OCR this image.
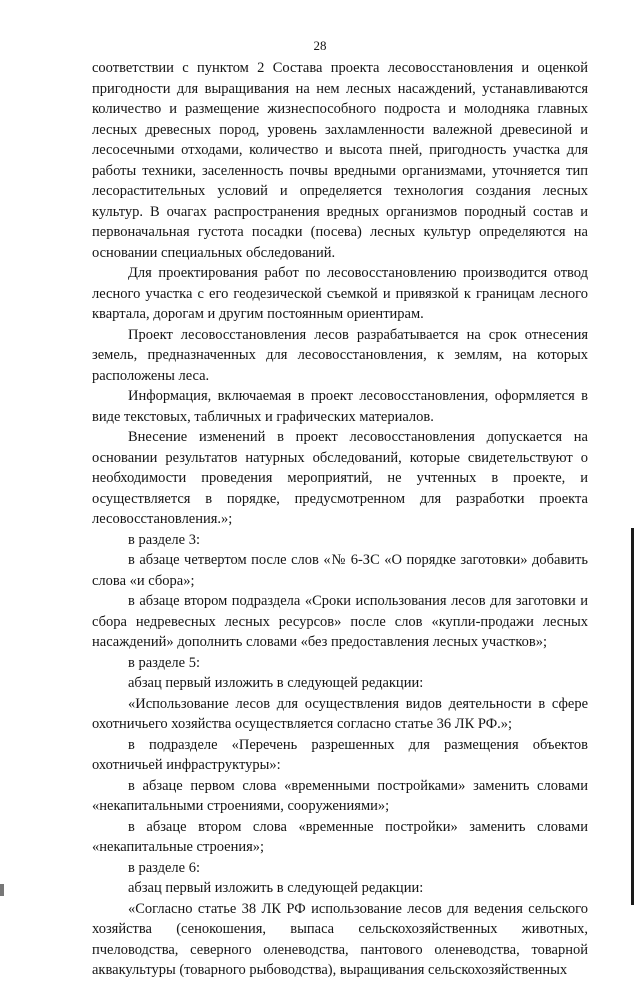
28

соответствии с пунктом 2 Состава проекта лесовосстановления и оценкой пригодности для выращивания на нем лесных насаждений, устанавливаются количество и размещение жизнеспособного подроста и молодняка главных лесных древесных пород, уровень захламленности валежной древесиной и лесосечными отходами, количество и высота пней, пригодность участка для работы техники, заселенность почвы вредными организмами, уточняется тип лесорастительных условий и определяется технология создания лесных культур. В очагах распространения вредных организмов породный состав и первоначальная густота посадки (посева) лесных культур определяются на основании специальных обследований.

Для проектирования работ по лесовосстановлению производится отвод лесного участка с его геодезической съемкой и привязкой к границам лесного квартала, дорогам и другим постоянным ориентирам.

Проект лесовосстановления лесов разрабатывается на срок отнесения земель, предназначенных для лесовосстановления, к землям, на которых расположены леса.

Информация, включаемая в проект лесовосстановления, оформляется в виде текстовых, табличных и графических материалов.

Внесение изменений в проект лесовосстановления допускается на основании результатов натурных обследований, которые свидетельствуют о необходимости проведения мероприятий, не учтенных в проекте, и осуществляется в порядке, предусмотренном для разработки проекта лесовосстановления.»;

в разделе 3:

в абзаце четвертом после слов «№ 6-ЗС «О порядке заготовки» добавить слова «и сбора»;

в абзаце втором подраздела «Сроки использования лесов для заготовки и сбора недревесных лесных ресурсов» после слов «купли-продажи лесных насаждений» дополнить словами «без предоставления лесных участков»;

в разделе 5:

абзац первый изложить в следующей редакции:

«Использование лесов для осуществления видов деятельности в сфере охотничьего хозяйства осуществляется согласно статье 36 ЛК РФ.»;

в подразделе «Перечень разрешенных для размещения объектов охотничьей инфраструктуры»:

в абзаце первом слова «временными постройками» заменить словами «некапитальными строениями, сооружениями»;

в абзаце втором слова «временные постройки» заменить словами «некапитальные строения»;

в разделе 6:

абзац первый изложить в следующей редакции:

«Согласно статье 38 ЛК РФ использование лесов для ведения сельского хозяйства (сенокошения, выпаса сельскохозяйственных животных, пчеловодства, северного оленеводства, пантового оленеводства, товарной аквакультуры (товарного рыбоводства), выращивания сельскохозяйственных
